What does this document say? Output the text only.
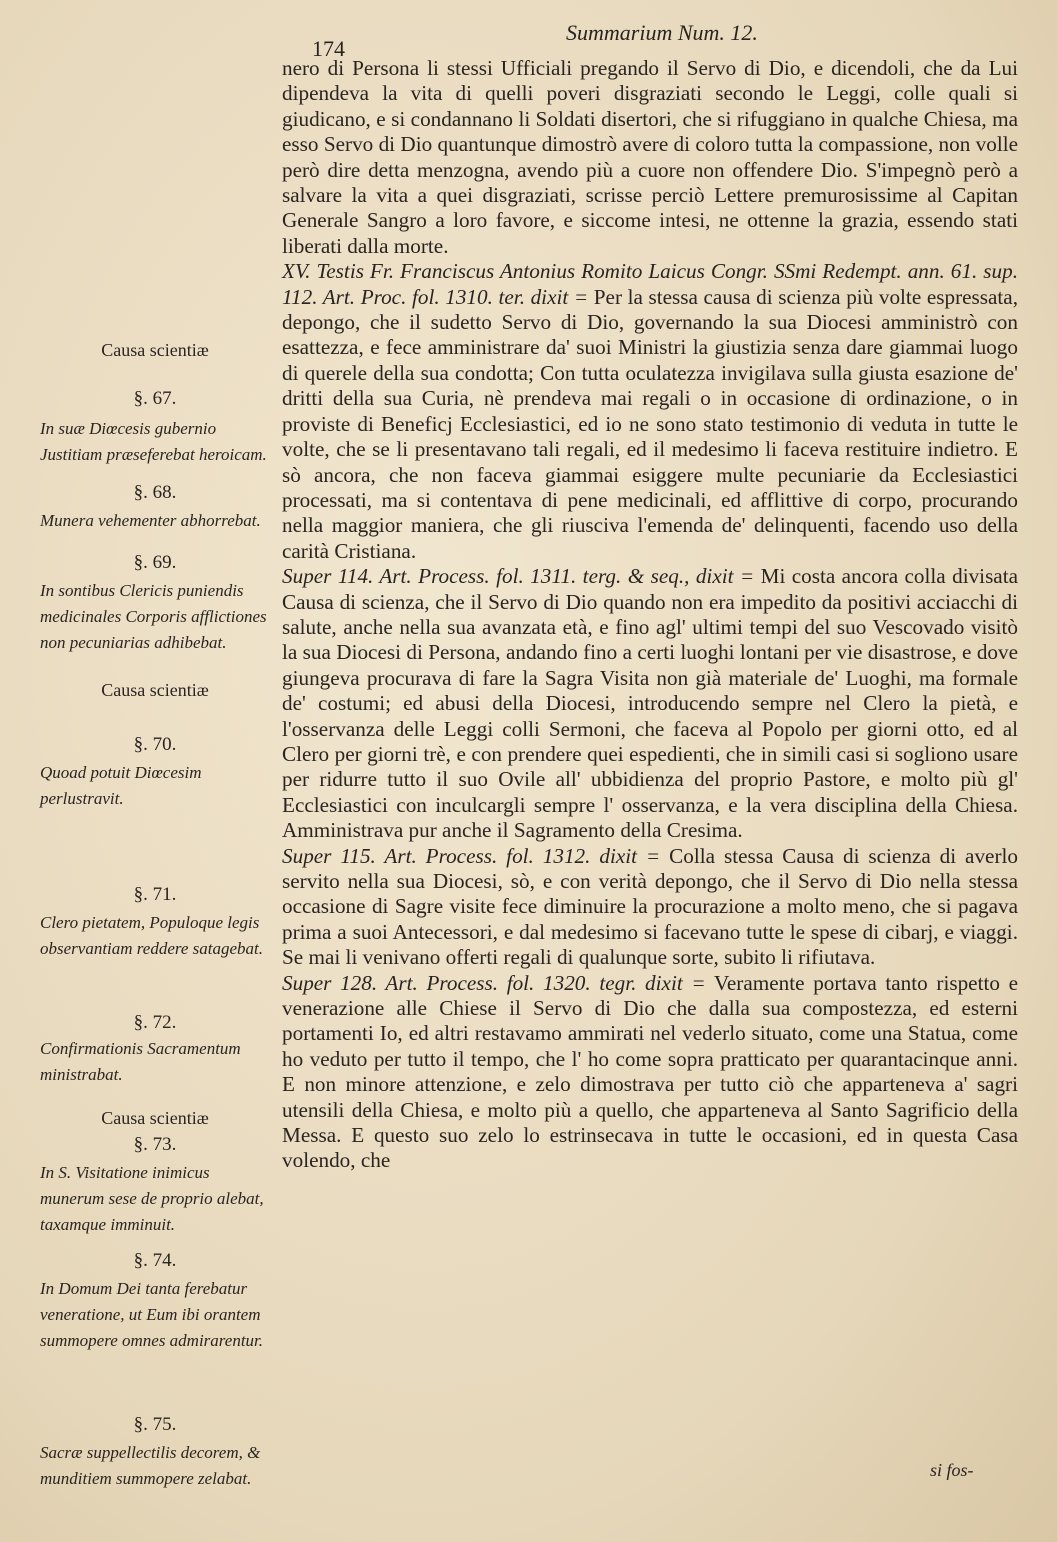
174
Summarium Num. 12.

nero di Persona li stessi Ufficiali pregando il Servo di Dio, e dicendoli, che da Lui dipendeva la vita di quelli poveri disgraziati secondo le Leggi, colle quali si giudicano, e si condannano li Soldati disertori, che si rifuggiano in qualche Chiesa, ma esso Servo di Dio quantunque dimostrò avere di coloro tutta la compassione, non volle però dire detta menzogna, avendo più a cuore non offendere Dio. S'impegnò però a salvare la vita a quei disgraziati, scrisse perciò Lettere premurosissime al Capitan Generale Sangro a loro favore, e siccome intesi, ne ottenne la grazia, essendo stati liberati dalla morte.

XV. Testis Fr. Franciscus Antonius Romito Laicus Congr. SSmi Redempt. ann. 61. sup. 112. Art. Proc. fol. 1310. ter. dixit = Per la stessa causa di scienza più volte espressata, depongo, che il sudetto Servo di Dio, governando la sua Diocesi amministrò con esattezza, e fece amministrare da' suoi Ministri la giustizia senza dare giammai luogo di querele della sua condotta; Con tutta oculatezza invigilava sulla giusta esazione de' dritti della sua Curia, nè prendeva mai regali o in occasione di ordinazione, o in proviste di Beneficj Ecclesiastici, ed io ne sono stato testimonio di veduta in tutte le volte, che se li presentavano tali regali, ed il medesimo li faceva restituire indietro. E sò ancora, che non faceva giammai esiggere multe pecuniarie da Ecclesiastici processati, ma si contentava di pene medicinali, ed afflittive di corpo, procurando nella maggior maniera, che gli riuscivа l'emenda de' delinquenti, facendo uso della carità Cristiana.

Super 114. Art. Process. fol. 1311. terg. & seq., dixit = Mi costa ancora colla divisata Causa di scienza, che il Servo di Dio quando non era impedito da positivi acciacchi di salute, anche nella sua avanzata età, e fino agl' ultimi tempi del suo Vescovado visitò la sua Diocesi di Persona, andando fino a certi luoghi lontani per vie disastrose, e dove giungeva procurava di fare la Sagra Visita non già materiale de' Luoghi, ma formale de' costumi; ed abusi della Diocesi, introducendo sempre nel Clero la pietà, e l'osservanza delle Leggi colli Sermoni, che faceva al Popolo per giorni otto, ed al Clero per giorni trè, e con prendere quei espedienti, che in simili casi si sogliono usare per ridurre tutto il suo Ovile all' ubbidienza del proprio Pastore, e molto più gl' Ecclesiastici con inculcargli sempre l' osservanza, e la vera disciplina della Chiesa. Amministrava pur anche il Sagramento della Cresima.

Super 115. Art. Process. fol. 1312. dixit = Colla stessa Causa di scienza di averlo servito nella sua Diocesi, sò, e con verità depongo, che il Servo di Dio nella stessa occasione di Sagre visite fece diminuire la procurazione a molto meno, che si pagava prima a suoi Antecessori, e dal medesimo si facevano tutte le spese di cibarj, e viaggi. Se mai li venivano offerti regali di qualunque sorte, subito li rifiutava.

Super 128. Art. Process. fol. 1320. tegr. dixit = Veramente portava tanto rispetto e venerazione alle Chiese il Servo di Dio che dalla sua compostezza, ed esterni portamenti Io, ed altri restavamo ammirati nel vederlo situato, come una Statua, come ho veduto per tutto il tempo, che l' ho come sopra pratticato per quarantacinque anni. E non minore attenzione, e zelo dimostrava per tutto ciò che apparteneva a' sagri utensili della Chiesa, e molto più a quello, che apparteneva al Santo Sagrificio della Messa. E questo suo zelo lo estrinsecava in tutte le occasioni, ed in questa Casa volendo, che

si fos-
Causa scientiæ
§. 67.
In suæ Diœcesis gubernio Justitiam præseferebat heroicam.
§. 68.
Munera vehementer abhorrebat.
§. 69.
In sontibus Clericis puniendis medicinales Corporis afflictiones non pecuniarias adhibebat.
Causa scientiæ
§. 70.
Quoad potuit Diœcesim perlustravit.
§. 71.
Clero pietatem, Populoque legis observantiam reddere satagebat.
§. 72.
Confirmationis Sacramentum ministrabat.
Causa scientiæ
§. 73.
In S. Visitatione inimicus munerum sese de proprio alebat, taxamque imminuit.
§. 74.
In Domum Dei tanta ferebatur veneratione, ut Eum ibi orantem summopere omnes admirarentur.
§. 75.
Sacræ suppellectilis decorem, & munditiem summopere zelabat.
